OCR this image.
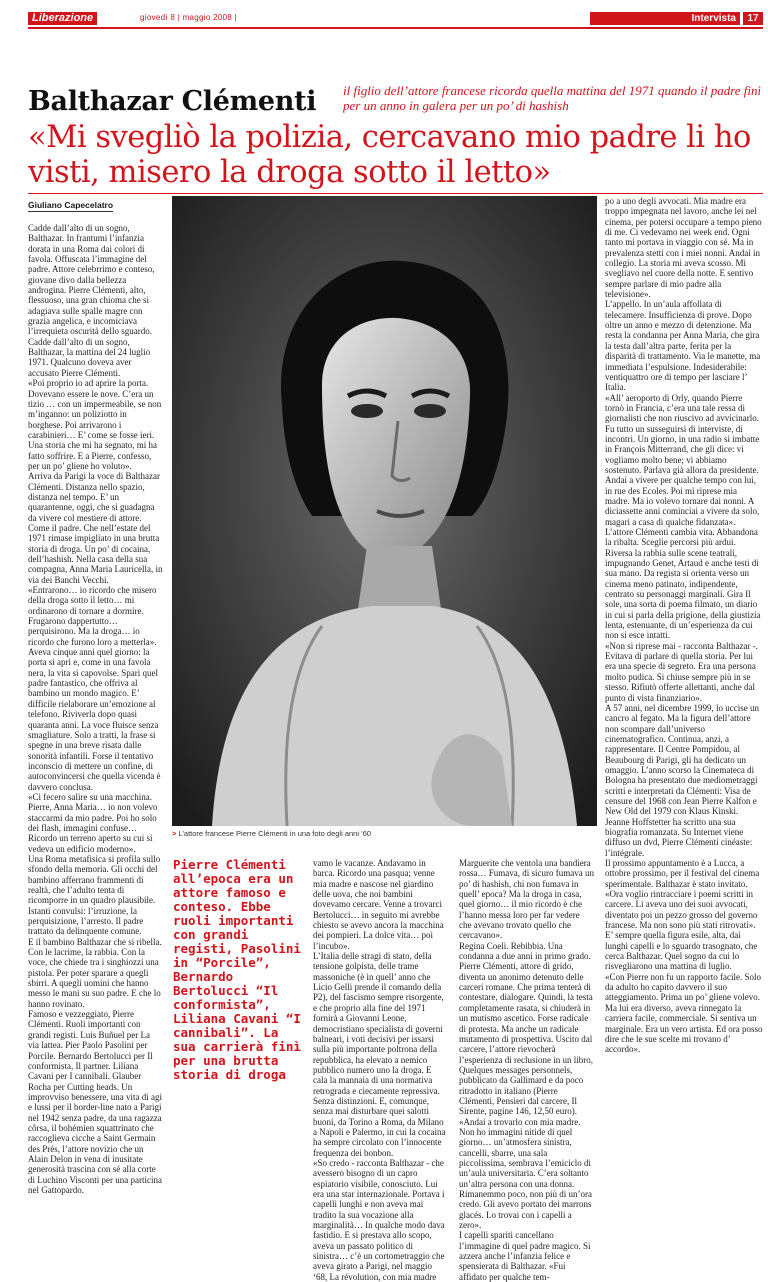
Liberazione	giovedì 8 | maggio 2008 |	Intervista	17
Balthazar Clémenti il figlio dell’attore francese ricorda quella mattina del 1971 quando il padre finì per un anno in galera per un po’ di hashish
«Mi svegliò la polizia, cercavano mio padre li ho visti, misero la droga sotto il letto»
Giuliano Capecelatro
Cadde dall’alto di un sogno, Balthazar. In frantumi l’infanzia dorata in una Roma dai colori di favola. Offuscata l’immagine del padre. Attore celebrrimo e conteso, giovane divo dalla bellezza androgina. Pierre Clémenti, alto, flessuoso, una gran chioma che si adagiava sulle spalle magre con grazia angelica, e incomiciava l’irrequieta oscurità dello sguardo. Cadde dall’alto di un sogno, Balthazar, la mattina del 24 luglio 1971. Qualcuno doveva aver accusato Pierre Clémenti.
«Poi proprio io ad aprire la porta. Dovevano essere le nove. C’era un tizio … con un impermeabile, se non m’inganno: un poliziotto in borghese. Poi arrivarono i carabinieri… E’ come se fosse ieri. Una storia che mi ha segnato, mi ha fatto soffrire. E a Pierre, confesso, per un po’ gliene ho voluto».
Arriva da Parigi la voce di Balthazar Clémenti. Distanza nello spazio, distanza nel tempo. E’ un quarantenne, oggi, che si guadagna da vivere col mestiere di attore. Come il padre. Che nell’estate del 1971 rimase impigliato in una brutta storia di droga. Un po’ di cocaina, dell’hashish. Nella casa della sua compagna, Anna Maria Lauricella, in via dei Banchi Vecchi.
«Entrarono… io ricordo che misero della droga sotto il letto… mi ordinarono di tornare a dormire. Frugarono dappertutto… perquisirono. Ma la droga… io ricordo che furono loro a metterla».
Aveva cinque anni quel giorno: la porta si aprì e, come in una favola nera, la vita si capovolse. Sparì quel padre fantastico, che offriva al bambino un mondo magico. E’ difficile rielaborare un’emozione al telefono. Riviverla dopo quasi quaranta anni. La voce fluisce senza smagliature. Solo a tratti, la frase si spegne in una breve risata dalle sonorità infantili. Forse il tentativo inconscio di mettere un confine, di autoconvincersi che quella vicenda è davvero conclusa.
«Ci fecero salire su una macchina. Pierre, Anna Maria… io non volevo staccarmi da mio padre. Poi ho solo dei flash, immagini confuse… Ricordo un terreno aperto su cui si vedeva un edificio moderno».
Una Roma metafisica si profila sullo sfondo della memoria. Gli occhi del bambino afferrano frammenti di realtà, che l’adulto tenta di ricomporre in un quadro plausibile. Istanti convulsi: l’irruzione, la perquisizione, l’arresto. Il padre trattato da delinquente comune.
E il bambino Balthazar che si ribella. Con le lacrime, la rabbia. Con la voce, che chiede tra i singhiozzi una pistola. Per poter sparare a quegli sbirri. A quegli uomini che hanno messo le mani su suo padre. E che lo hanno rovinato.
Famoso e vezzeggiato, Pierre Clémenti. Ruoli importanti con grandi registi. Luis Buñuel per La via lattea. Pier Paolo Pasolini per Porcile. Bernardo Bertolucci per Il conformista, Il partner. Liliana Cavani per I cannibali. Glauber Rocha per Cutting heads. Un improvviso benessere, una vita di agi e lussi per il border-line nato a Parigi nel 1942 senza padre, da una ragazza côrsa, il bohémien squattrinato che raccoglieva cicche a Saint Germain des Prés, l’attore novizio che un Alain Delon in vena di inusitate generosità trascina con sé alla corte di Luchino Visconti per una particina nel Gattopardo.
> L’attore francese Pierre Clémenti in una foto degli anni ‘60
Pierre Clémenti all’epoca era un attore famoso e conteso. Ebbe ruoli importanti con grandi registi, Pasolini in “Porcile”, Bernardo Bertolucci “Il conformista”, Liliana Cavani “I cannibali”. La sua carrierà finì per una brutta storia di droga
vamo le vacanze. Andavamo in barca. Ricordo una pasqua; venne mia madre e nascose nel giardino delle uova, che noi bambini dovevamo cercare. Venne a trovarci Bertolucci… in seguito mi avrebbe chiesto se avevo ancora la macchina dei pompieri. La dolce vita… poi l’incubo».
L’Italia delle stragi di stato, della tensione golpista, delle trame massoniche (è in quell’ anno che Licio Gelli prende il comando della P2), del fascismo sempre risorgente, e che proprio alla fine del 1971 fornirà a Giovanni Leone, democristiano specialista di governi balneari, i voti decisivi per issarsi sulla più importante poltrona della repubblica, ha elevato a nemico pubblico numero uno la droga. E cala la mannaia di una normativa retrograda e ciecamente repressiva. Senza distinzioni. E, comunque, senza mai disturbare quei salotti buoni, da Torino a Roma, da Milano a Napoli e Palermo, in cui la cocaina ha sempre circolato con l’innocente frequenza dei bonbon.
«So credo - racconta Balthazar - che avessero bisogno di un capro espiatorio visibile, conosciuto. Lui era una star internazionale. Portava i capelli lunghi e non aveva mai tradito la sua vocazione alla marginalità… In qualche modo dava fastidio. E si prestava allo scopo, aveva un passato politico di sinistra… c’è un cortometraggio che aveva girato a Parigi, nel maggio ‘68, La révolution, con mia madre
Marguerite che ventola una bandiera rossa… Fumava, di sicuro fumava un po’ di hashish, chi non fumava in quell’ epoca? Ma la droga in casa, quel giorno… il mio ricordo è che l’hanno messa loro per far vedere che avevano trovato quello che cercavano».
Regina Coeli. Rebibbia. Una condanna a due anni in primo grado. Pierre Clémenti, attore di grido, diventa un anonimo detenuto delle carceri romane. Che prima tenterà di contestare, dialogare. Quindi, la testa completamente rasata, si chiuderà in un mutismo ascetico. Forse radicale di protesta. Ma anche un radicale mutamento di prospettiva. Uscito dal carcere, l’attore rievocherà l’esperienza di reclusione in un libro, Quelques messages personnels, pubblicato da Gallimard e da poco ritradotto in italiano (Pierre Clémenti, Pensieri dal carcere, Il Sirente, pagine 146, 12,50 euro).
«Andai a trovarlo con mia madre. Non ho immagini nitide di quel giorno… un’atmosfera sinistra, cancelli, sbarre, una sala piccolissima, sembrava l’emiciclo di un’aula universitaria. C’era soltanto un’altra persona con una donna. Rimanemmo poco, non più di un’ora credo. Gli avevo portato dei marrons glacés. Lo trovai con i capelli a zero».
I capelli spariti cancellano l’immagine di quel padre magico. Si azzera anche l’infanzia felice e spensierata di Balthazar. «Fui affidato per qualche tem-
po a uno degli avvocati. Mia madre era troppo impegnata nel lavoro, anche lei nel cinema, per potersi occupare a tempo pieno di me. Ci vedevamo nei week end. Ogni tanto mi portava in viaggio con sé. Ma in prevalenza stetti con i miei nonni. Andai in collegio. La storia mi aveva scosso. Mi svegliavo nel cuore della notte. E sentivo sempre parlare di mio padre alla televisione».
L’appello. In un’aula affollata di telecamere. Insufficienza di prove. Dopo oltre un anno e mezzo di detenzione. Ma resta la condanna per Anna Maria, che gira la testa dall’altra parte, ferita per la disparità di trattamento. Via le manette, ma immediata l’espulsione. Indesiderabile: ventiquattro ore di tempo per lasciare l’ Italia.
«All’ aeroporto di Orly, quando Pierre tornò in Francia, c’era una tale ressa di giornalisti che non riuscivo ad avvicinarlo. Fu tutto un susseguirsi di interviste, di incontri. Un giorno, in una radio si imbatte in François Mitterrand, che gli dice: vi vogliamo molto bene; vi abbiamo sostenuto. Parlava già allora da presidente. Andai a vivere per qualche tempo con lui, in rue des Ecoles. Poi mi riprese mia madre. Ma io volevo tornare dai nonni. A diciassette anni cominciai a vivere da solo, magari a casa di qualche fidanzata».
L’attore Clémenti cambia vita. Abbandona la ribalta. Sceglie percorsi più ardui. Riversa la rabbia sulle scene teatrali, impugnando Genet, Artaud e anche testi di sua mano. Da regista si orienta verso un cinema meno patinato, indipendente, centrato su personaggi marginali. Gira Il sole, una sorta di poema filmato, un diario in cui si parla della prigione, della giustizia lenta, estenuante, di un’esperienza da cui non si esce intatti.
«Non si riprese mai - racconta Balthazar -. Evitava di parlare di quella storia. Per lui era una specie di segreto. Era una persona molto pudica. Si chiuse sempre più in se stesso. Rifiutò offerte allettanti, anche dal punto di vista finanziario».
A 57 anni, nel dicembre 1999, lo uccise un cancro al fegato. Ma la figura dell’attore non scompare dall’universo cinematografico. Continua, anzi, a rappresentare. Il Centre Pompidou, al Beaubourg di Parigi, gli ha dedicato un omaggio. L’anno scorso la Cinemateca di Bologna ha presentato due mediometraggi scritti e interpretati da Clémenti: Visa de censure del 1968 con Jean Pierre Kalfon e New Old del 1979 con Klaus Kinski. Jeanne Hoffstetter ha scritto una sua biografia romanzata. Su Internet viene diffuso un dvd, Pierre Clémenti cinéaste: l’intégrale.
Il prossimo appuntamento è a Lucca, a ottobre prossimo, per il festival del cinema sperimentale. Balthazar è stato invitato.
«Ora voglio rintracciare i poemi scritti in carcere. Li aveva uno dei suoi avvocati, diventato poi un pezzo grosso del governo francese. Ma non sono più stati ritrovati».
E’ sempre quella figura esile, alta, dai lunghi capelli e lo sguardo trasognato, che cerca Balthazar. Quel sogno da cui lo risvegliarono una mattina di luglio.
«Con Pierre non fu un rapporto facile. Solo da adulto ho capito davvero il suo atteggiamento. Prima un po’ gliene volevo. Ma lui era diverso, aveva rinnegato la carriera facile, commerciale. Si sentiva un marginale. Era un vero artista. Ed ora posso dire che le sue scelte mi trovano d’ accordo».
